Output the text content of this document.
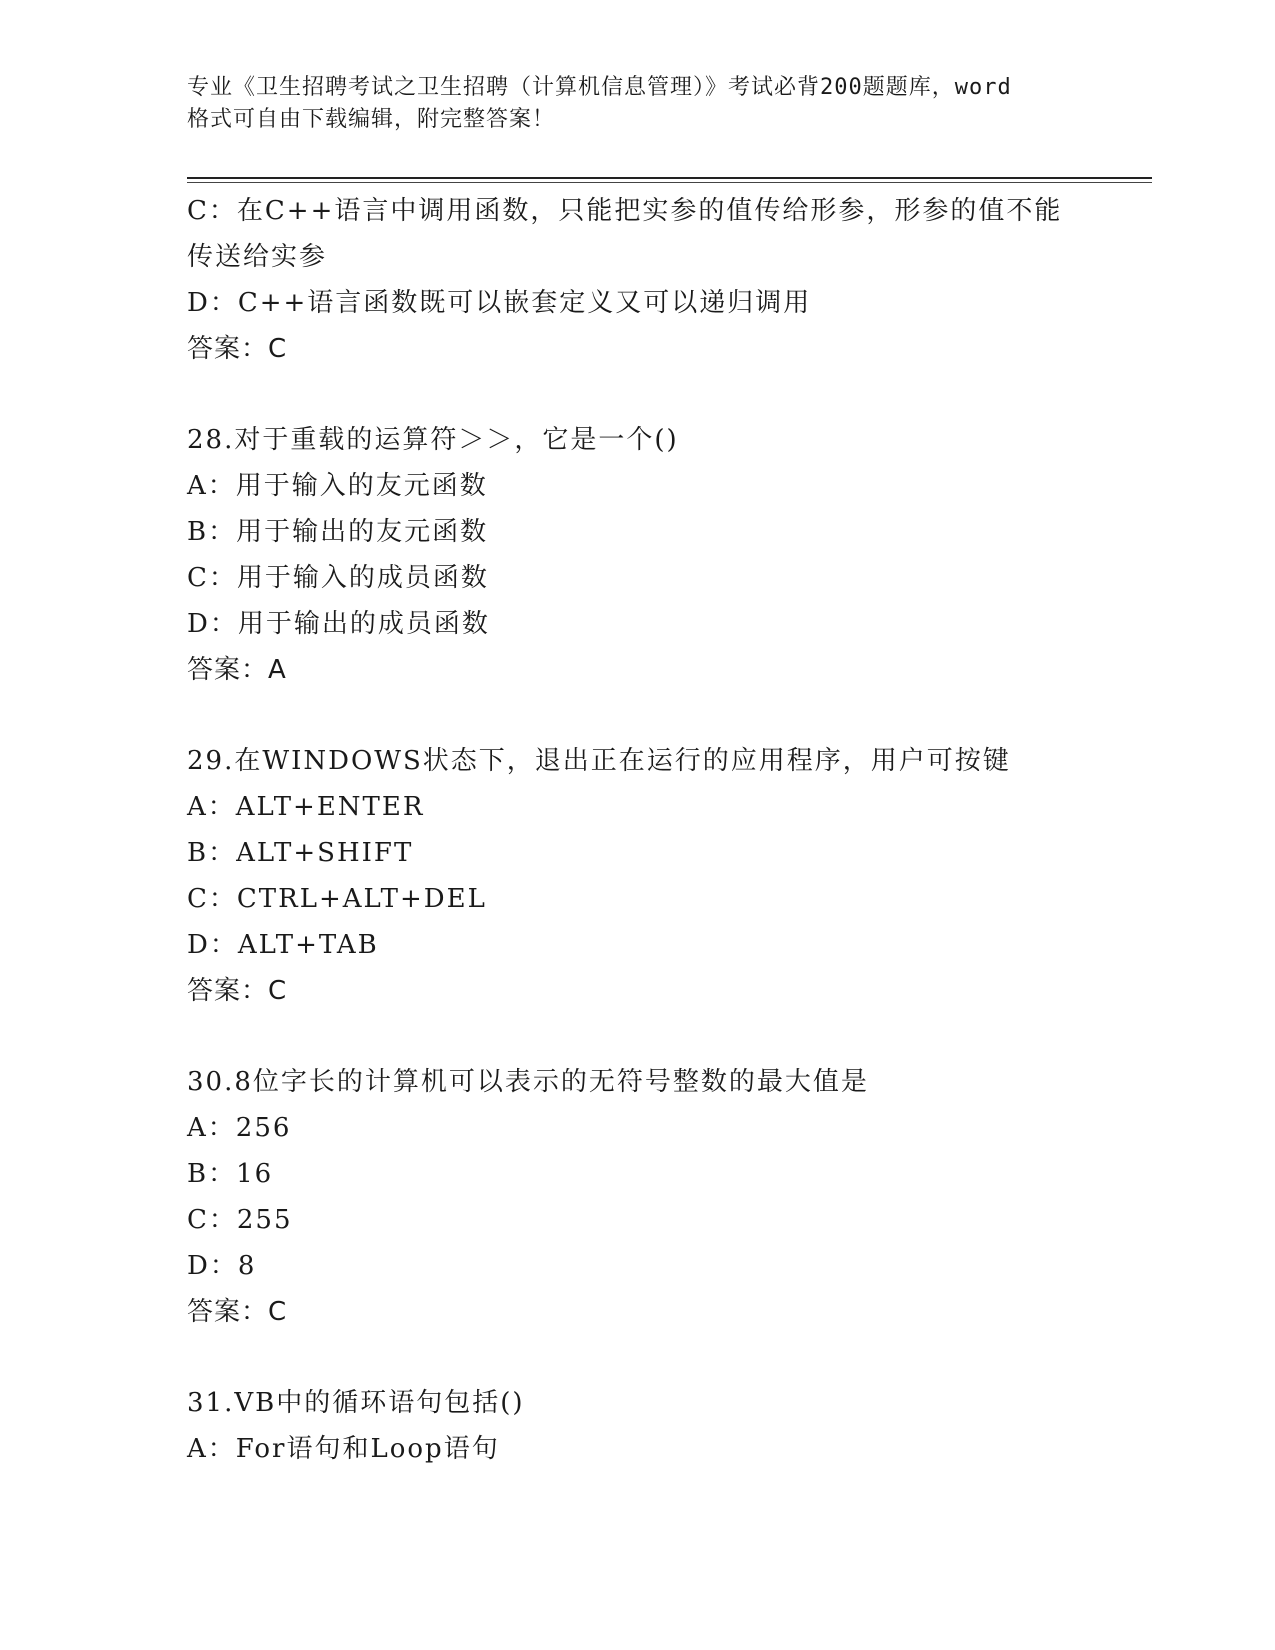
专业《卫生招聘考试之卫生招聘（计算机信息管理）》考试必背200题题库，word
格式可自由下载编辑，附完整答案！
C：在C++语言中调用函数，只能把实参的值传给形参，形参的值不能
传送给实参
D：C++语言函数既可以嵌套定义又可以递归调用
答案：C
28.对于重载的运算符＞＞，它是一个()
A：用于输入的友元函数
B：用于输出的友元函数
C：用于输入的成员函数
D：用于输出的成员函数
答案：A
29.在WINDOWS状态下，退出正在运行的应用程序，用户可按键
A：ALT+ENTER
B：ALT+SHIFT
C：CTRL+ALT+DEL
D：ALT+TAB
答案：C
30.8位字长的计算机可以表示的无符号整数的最大值是
A：256
B：16
C：255
D：8
答案：C
31.VB中的循环语句包括()
A：For语句和Loop语句
